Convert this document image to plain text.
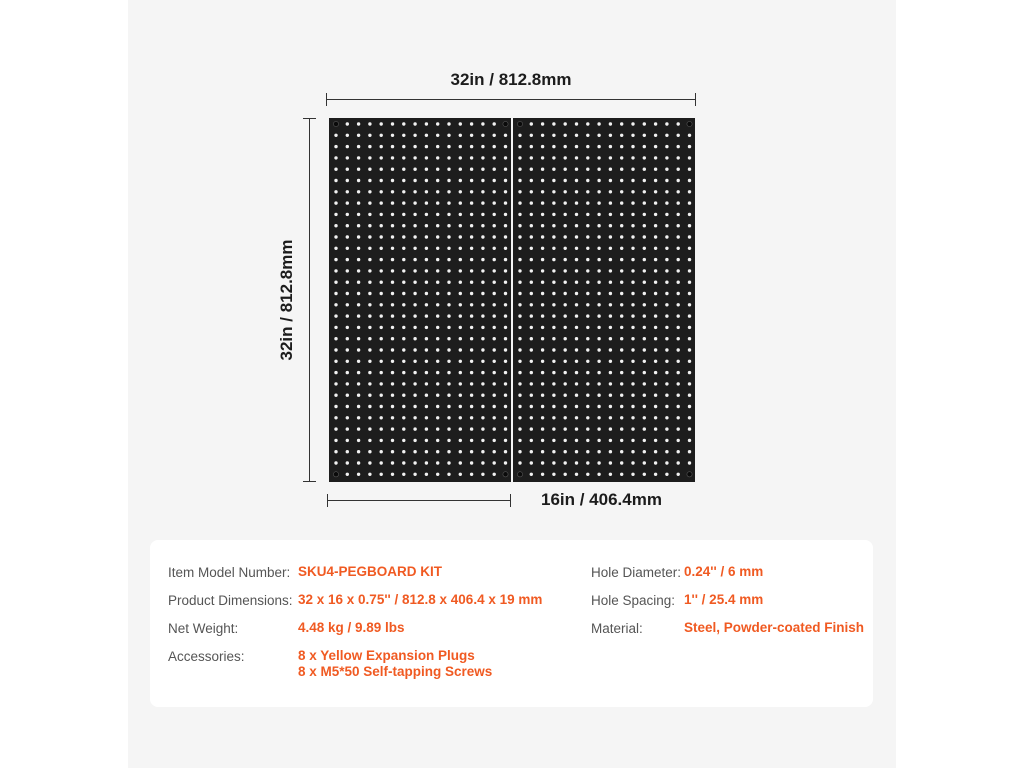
32in / 812.8mm
32in / 812.8mm
16in / 406.4mm
Item Model Number: SKU4-PEGBOARD KIT
Product Dimensions: 32 x 16 x 0.75'' / 812.8 x 406.4 x 19 mm
Net Weight:	4.48 kg / 9.89 lbs
Accessories:	8 x Yellow Expansion Plugs
8 x M5*50 Self-tapping Screws
Hole Diameter: 0.24'' / 6 mm
Hole Spacing: 1'' / 25.4 mm
Material:	Steel, Powder-coated Finish
